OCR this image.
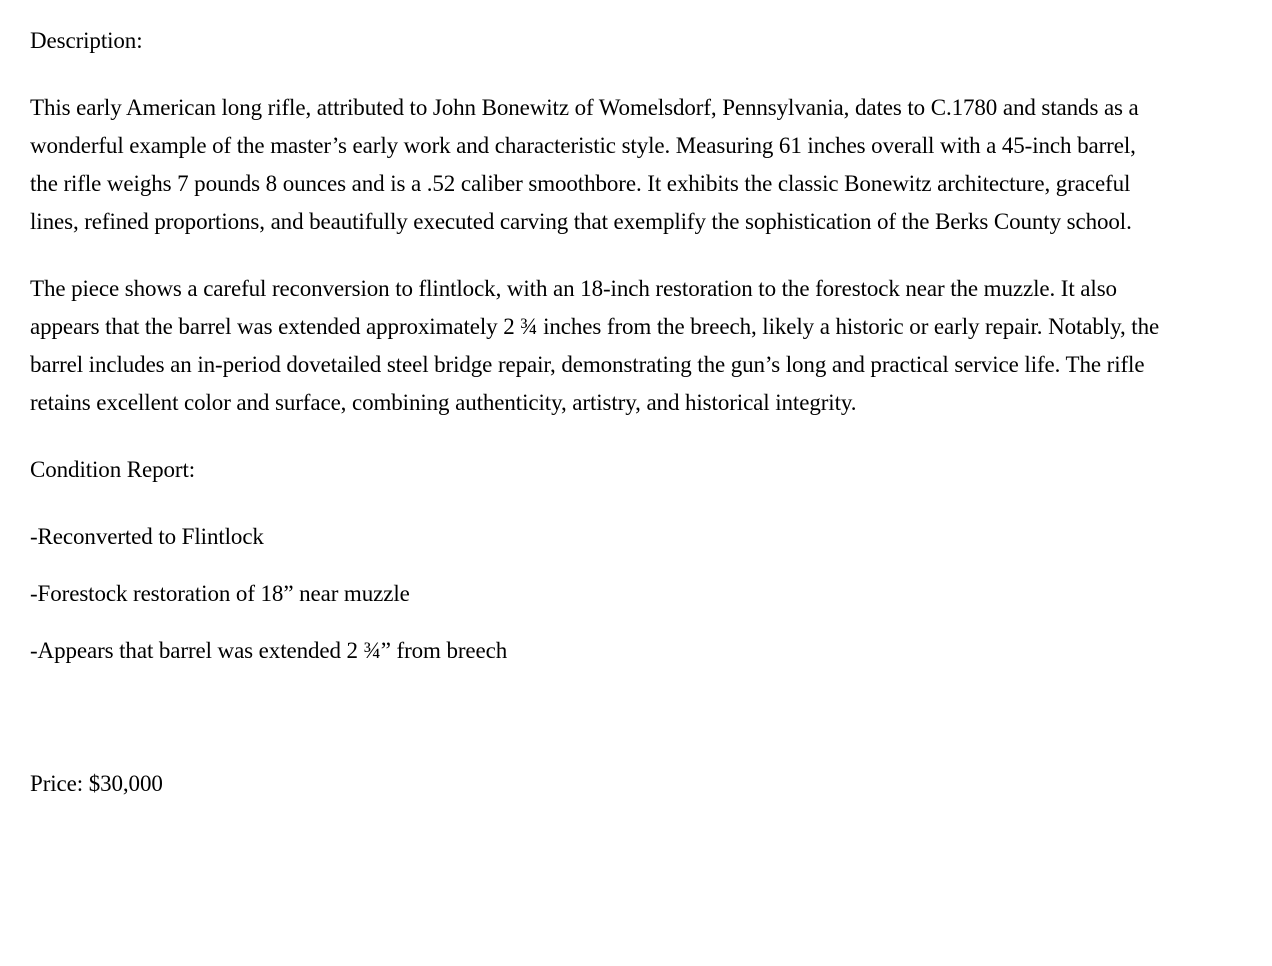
Description:

This early American long rifle, attributed to John Bonewitz of Womelsdorf, Pennsylvania, dates to C.1780 and stands as a wonderful example of the master’s early work and characteristic style. Measuring 61 inches overall with a 45-inch barrel, the rifle weighs 7 pounds 8 ounces and is a .52 caliber smoothbore. It exhibits the classic Bonewitz architecture, graceful lines, refined proportions, and beautifully executed carving that exemplify the sophistication of the Berks County school.

The piece shows a careful reconversion to flintlock, with an 18-inch restoration to the forestock near the muzzle. It also appears that the barrel was extended approximately 2 ¾ inches from the breech, likely a historic or early repair. Notably, the barrel includes an in-period dovetailed steel bridge repair, demonstrating the gun’s long and practical service life. The rifle retains excellent color and surface, combining authenticity, artistry, and historical integrity.

Condition Report:

-Reconverted to Flintlock

-Forestock restoration of 18” near muzzle

-Appears that barrel was extended 2 ¾” from breech

Price: $30,000
